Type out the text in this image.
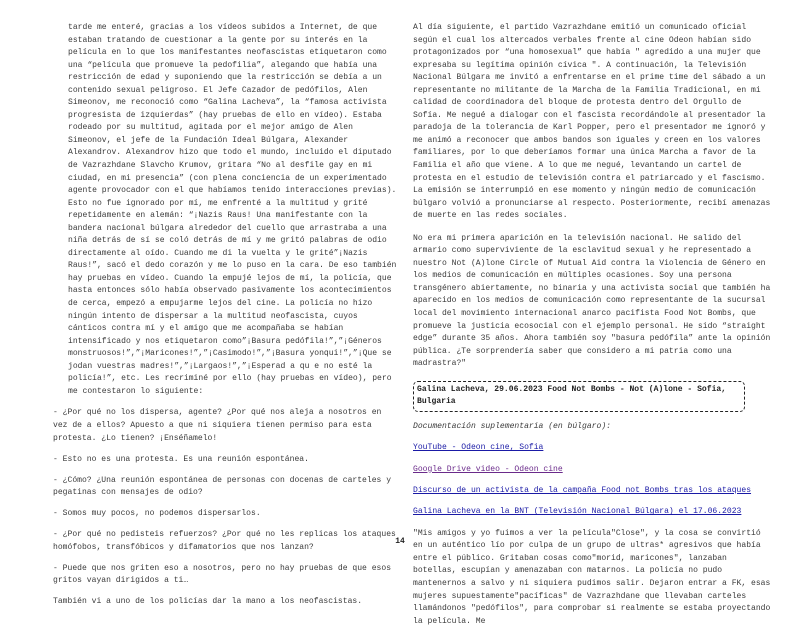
tarde me enteré, gracias a los vídeos subidos a Internet, de que estaban tratando de cuestionar a la gente por su interés en la película en lo que los manifestantes neofascistas etiquetaron como una “película que promueve la pedofilia”, alegando que había una restricción de edad y suponiendo que la restricción se debía a un contenido sexual peligroso. El Jefe Cazador de pedófilos, Alen Simeonov, me reconoció como “Galina Lacheva”, la “famosa activista progresista de izquierdas” (hay pruebas de ello en vídeo). Estaba rodeado por su multitud, agitada por el mejor amigo de Alen Simeonov, el jefe de la Fundación Ideal Búlgara, Alexander Alexandrov. Alexandrov hizo que todo el mundo, incluido el diputado de Vazrazhdane Slavcho Krumov, gritara “No al desfile gay en mi ciudad, en mi presencia” (con plena conciencia de un experimentado agente provocador con el que habíamos tenido interacciones previas). Esto no fue ignorado por mí, me enfrenté a la multitud y grité repetidamente en alemán: “¡Nazis Raus! Una manifestante con la bandera nacional búlgara alrededor del cuello que arrastraba a una niña detrás de sí se coló detrás de mí y me gritó palabras de odio directamente al oído. Cuando me di la vuelta y le grité”¡Nazis Raus!”, sacó el dedo corazón y me lo puso en la cara. De eso también hay pruebas en vídeo. Cuando la empujé lejos de mí, la policía, que hasta entonces sólo había observado pasivamente los acontecimientos de cerca, empezó a empujarme lejos del cine. La policía no hizo ningún intento de dispersar a la multitud neofascista, cuyos cánticos contra mí y el amigo que me acompañaba se habían intensificado y nos etiquetaron como”¡Basura pedófila!”,”¡Géneros monstruosos!”,”¡Maricones!”,”¡Casimodo!”,”¡Basura yonqui!”,”¡Que se jodan vuestras madres!”,”¡Largaos!”,”¡Esperad a qu e no esté la policía!”, etc. Les recriminé por ello (hay pruebas en vídeo), pero me contestaron lo siguiente:

- ¿Por qué no los dispersa, agente? ¿Por qué nos aleja a nosotros en vez de a ellos? Apuesto a que ni siquiera tienen permiso para esta protesta. ¿Lo tienen? ¡Enséñamelo!

- Esto no es una protesta. Es una reunión espontánea.

- ¿Cómo? ¿Una reunión espontánea de personas con docenas de carteles y pegatinas con mensajes de odio?

- Somos muy pocos, no podemos dispersarlos.

- ¿Por qué no pedisteis refuerzos? ¿Por qué no les replicas los ataques homófobos, transfóbicos y difamatorios que nos lanzan?

- Puede que nos griten eso a nosotros, pero no hay pruebas de que esos gritos vayan dirigidos a ti…

También vi a uno de los policías dar la mano a los neofascistas.

Al día siguiente, el partido Vazrazhdane emitió un comunicado oficial según el cual los altercados verbales frente al cine Odeon habían sido protagonizados por “una homosexual” que había " agredido a una mujer que expresaba su legítima opinión cívica ". A continuación, la Televisión Nacional Búlgara me invitó a enfrentarse en el prime time del sábado a un representante no militante de la Marcha de la Familia Tradicional, en mi calidad de coordinadora del bloque de protesta dentro del Orgullo de Sofía. Me negué a dialogar con el fascista recordándole al presentador la paradoja de la tolerancia de Karl Popper, pero el presentador me ignoró y me animó a reconocer que ambos bandos son iguales y creen en los valores familiares, por lo que deberíamos formar una única Marcha a favor de la Familia el año que viene. A lo que me negué, levantando un cartel de protesta en el estudio de televisión contra el patriarcado y el fascismo. La emisión se interrumpió en ese momento y ningún medio de comunicación búlgaro volvió a pronunciarse al respecto. Posteriormente, recibí amenazas de muerte en las redes sociales.

No era mi primera aparición en la televisión nacional. He salido del armario como superviviente de la esclavitud sexual y he representado a nuestro Not (A)lone Circle of Mutual Aid contra la Violencia de Género en los medios de comunicación en múltiples ocasiones. Soy una persona transgénero abiertamente, no binaria y una activista social que también ha aparecido en los medios de comunicación como representante de la sucursal local del movimiento internacional anarco pacifista Food Not Bombs, que promueve la justicia ecosocial con el ejemplo personal. He sido “straight edge” durante 35 años. Ahora también soy "basura pedófila” ante la opinión pública. ¿Te sorprendería saber que considero a mi patria como una madrastra?"

Galina Lacheva, 29.06.2023 Food Not Bombs - Not (A)lone - Sofia, Bulgaria

Documentación suplementaria (en búlgaro):

YouTube - Odeon cine, Sofia
Google Drive video - Odeon cine
Discurso de un activista de la campaña Food not Bombs tras los ataques
Galina Lacheva en la BNT (Televisión Nacional Búlgara) el 17.06.2023

"Mis amigos y yo fuimos a ver la película"Close", y la cosa se convirtió en un auténtico lío por culpa de un grupo de ultras* agresivos que había entre el público. Gritaban cosas como"morid, maricones", lanzaban botellas, escupían y amenazaban con matarnos. La policía no pudo mantenernos a salvo y ni siquiera pudimos salir. Dejaron entrar a FK, esas mujeres supuestamente"pacíficas" de Vazrazhdane que llevaban carteles llamándonos "pedófilos", para comprobar si realmente se estaba proyectando la película. Me

14
